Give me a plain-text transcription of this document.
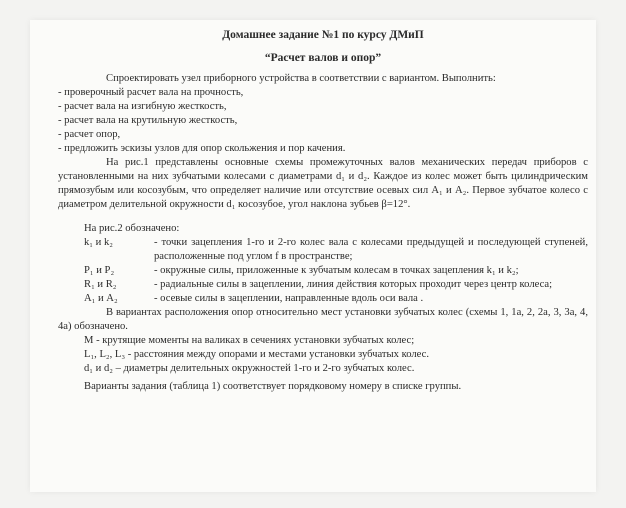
Домашнее задание №1 по курсу ДМиП
“Расчет валов и опор”

Спроектировать узел приборного устройства в соответствии с вариантом. Выполнить:

- проверочный расчет вала на прочность,
- расчет вала на изгибную жесткость,
- расчет вала на крутильную жесткость,
- расчет опор,
- предложить эскизы узлов для опор скольжения и пор качения.

На рис.1 представлены основные схемы промежуточных валов механических передач приборов с установленными на них зубчатыми колесами с диаметрами d₁ и d₂. Каждое из колес может быть цилиндрическим прямозубым или косозубым, что определяет наличие или отсутствие осевых сил A₁ и A₂. Первое зубчатое колесо с диаметром делительной окружности d₁ косозубое, угол наклона зубьев β=12°.

На рис.2 обозначено:

k₁ и k₂	- точки зацепления 1-го и 2-го колес вала с колесами предыдущей и последующей ступеней, расположенные под углом f в пространстве;
P₁ и P₂	- окружные силы, приложенные к зубчатым колесам в точках зацепления k₁ и k₂;
R₁ и R₂	- радиальные силы в зацеплении, линия действия которых проходит через центр колеса;
A₁ и A₂	- осевые силы в зацеплении, направленные вдоль оси вала .

В вариантах расположения опор относительно мест установки зубчатых колес (схемы 1, 1а, 2, 2а, 3, 3а, 4, 4а) обозначено.

М - крутящие моменты на валиках в сечениях установки зубчатых колес;

L₁, L₂, L₃ - расстояния между опорами и местами установки зубчатых колес.

d₁ и d₂ – диаметры делительных окружностей 1-го и 2-го зубчатых колес.

Варианты задания (таблица 1) соответствует порядковому номеру в списке группы.
